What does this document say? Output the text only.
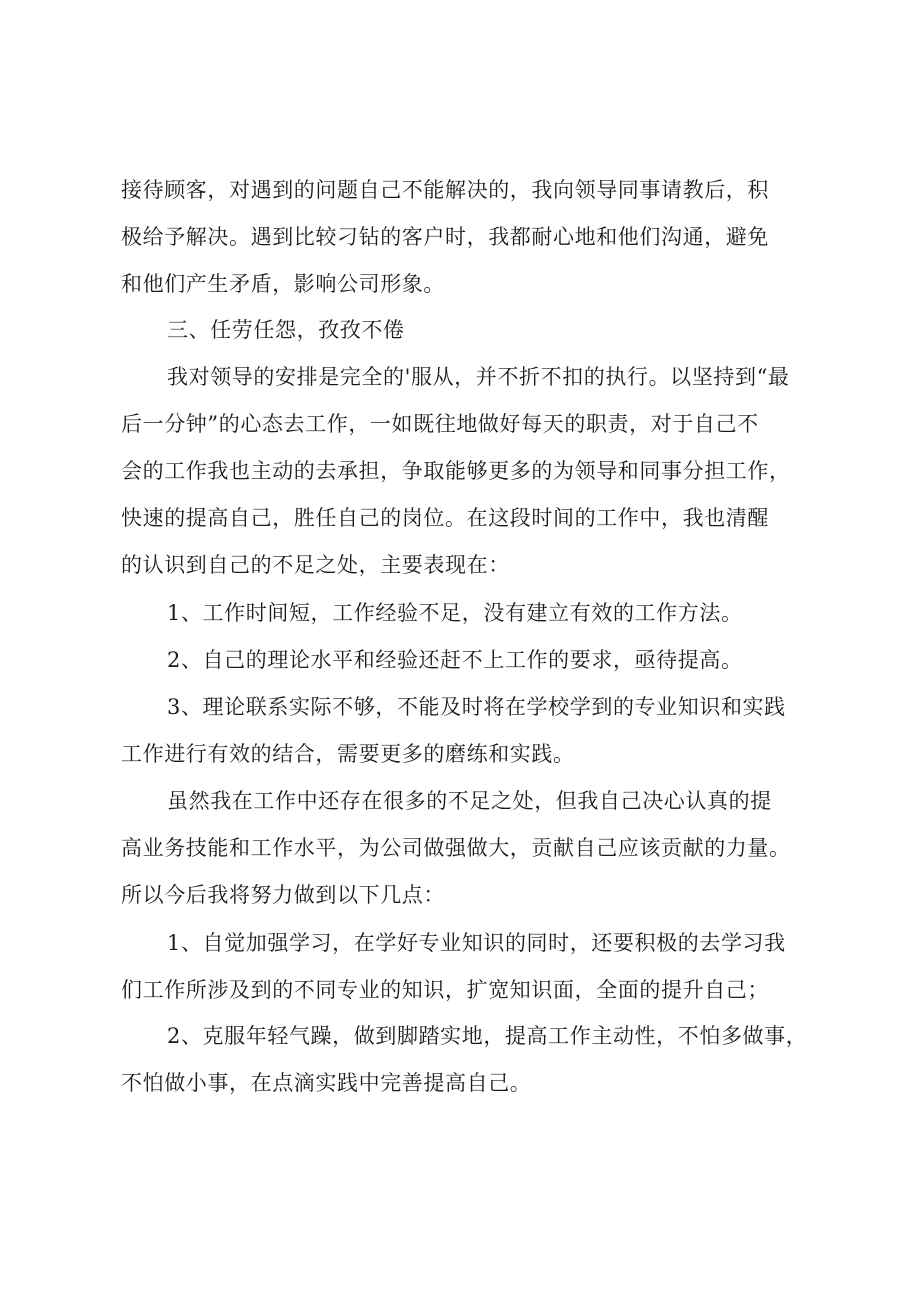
接待顾客，对遇到的问题自己不能解决的，我向领导同事请教后，积
极给予解决。遇到比较刁钻的客户时，我都耐心地和他们沟通，避免
和他们产生矛盾，影响公司形象。
三、任劳任怨，孜孜不倦
我对领导的安排是完全的'服从，并不折不扣的执行。以坚持到“最
后一分钟”的心态去工作，一如既往地做好每天的职责，对于自己不
会的工作我也主动的去承担，争取能够更多的为领导和同事分担工作，
快速的提高自己，胜任自己的岗位。在这段时间的工作中，我也清醒
的认识到自己的不足之处，主要表现在：
1、工作时间短，工作经验不足，没有建立有效的工作方法。
2、自己的理论水平和经验还赶不上工作的要求，亟待提高。
3、理论联系实际不够，不能及时将在学校学到的专业知识和实践
工作进行有效的结合，需要更多的磨练和实践。
虽然我在工作中还存在很多的不足之处，但我自己决心认真的提
高业务技能和工作水平，为公司做强做大，贡献自己应该贡献的力量。
所以今后我将努力做到以下几点：
1、自觉加强学习，在学好专业知识的同时，还要积极的去学习我
们工作所涉及到的不同专业的知识，扩宽知识面，全面的提升自己；
2、克服年轻气躁，做到脚踏实地，提高工作主动性，不怕多做事，
不怕做小事，在点滴实践中完善提高自己。
